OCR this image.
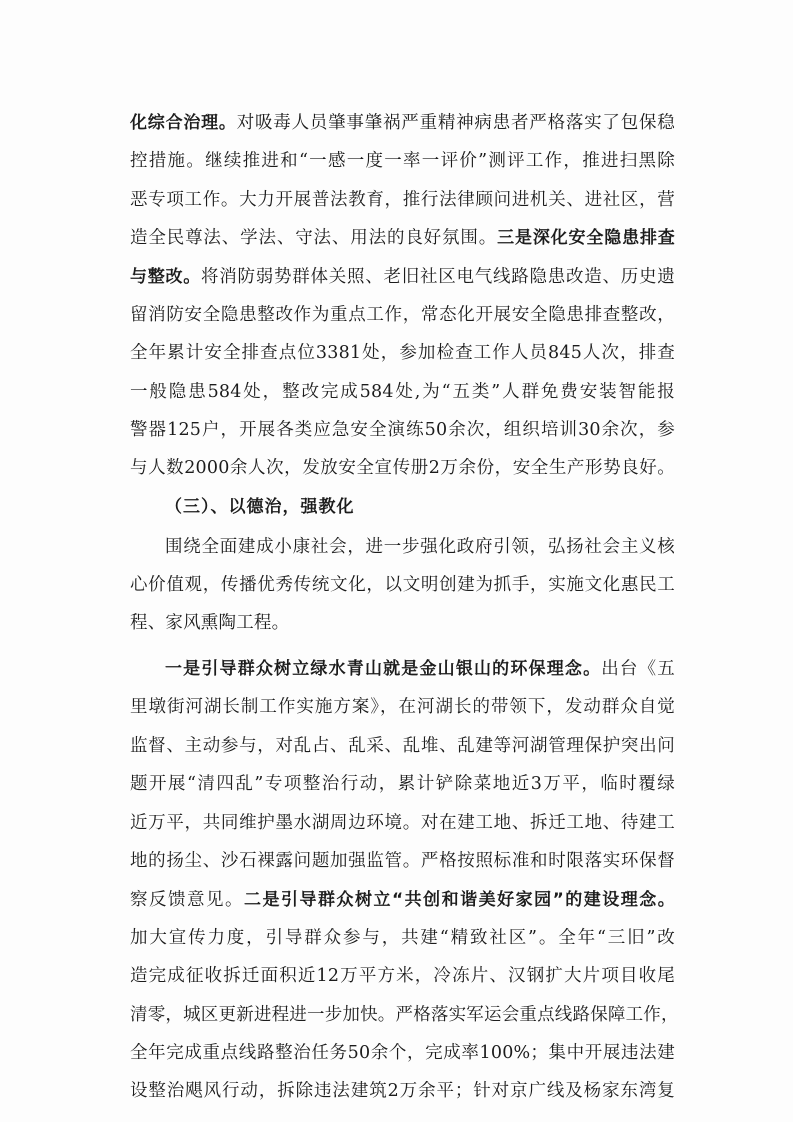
化综合治理。对吸毒人员肇事肇祸严重精神病患者严格落实了包保稳
控措施。继续推进和“一感一度一率一评价”测评工作，推进扫黑除
恶专项工作。大力开展普法教育，推行法律顾问进机关、进社区，营
造全民尊法、学法、守法、用法的良好氛围。三是深化安全隐患排查
与整改。将消防弱势群体关照、老旧社区电气线路隐患改造、历史遗
留消防安全隐患整改作为重点工作，常态化开展安全隐患排查整改，
全年累计安全排查点位3381处，参加检查工作人员845人次，排查
一般隐患584处，整改完成584处,为“五类”人群免费安装智能报
警器125户，开展各类应急安全演练50余次，组织培训30余次，参
与人数2000余人次，发放安全宣传册2万余份，安全生产形势良好。
（三）、以德治，强教化
围绕全面建成小康社会，进一步强化政府引领，弘扬社会主义核
心价值观，传播优秀传统文化，以文明创建为抓手，实施文化惠民工
程、家风熏陶工程。
一是引导群众树立绿水青山就是金山银山的环保理念。出台《五
里墩街河湖长制工作实施方案》，在河湖长的带领下，发动群众自觉
监督、主动参与，对乱占、乱采、乱堆、乱建等河湖管理保护突出问
题开展“清四乱”专项整治行动，累计铲除菜地近3万平，临时覆绿
近万平，共同维护墨水湖周边环境。对在建工地、拆迁工地、待建工
地的扬尘、沙石裸露问题加强监管。严格按照标准和时限落实环保督
察反馈意见。二是引导群众树立“共创和谐美好家园”的建设理念。
加大宣传力度，引导群众参与，共建“精致社区”。全年“三旧”改
造完成征收拆迁面积近12万平方米，冷冻片、汉钢扩大片项目收尾
清零，城区更新进程进一步加快。严格落实军运会重点线路保障工作，
全年完成重点线路整治任务50余个，完成率100%；集中开展违法建
设整治飓风行动，拆除违法建筑2万余平；针对京广线及杨家东湾复
